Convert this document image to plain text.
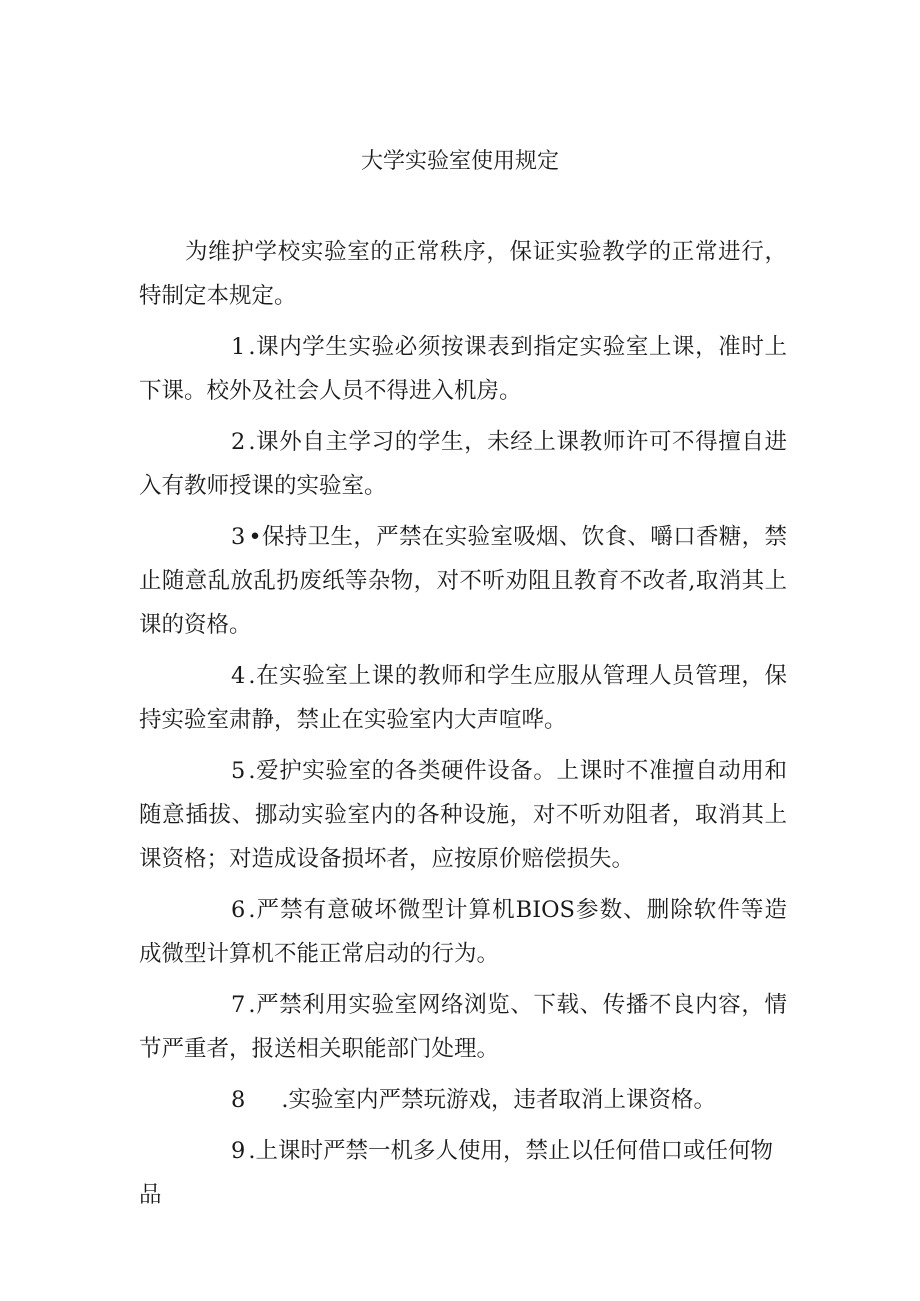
大学实验室使用规定

为维护学校实验室的正常秩序，保证实验教学的正常进行，特制定本规定。

1 .课内学生实验必须按课表到指定实验室上课，准时上下课。校外及社会人员不得进入机房。

2 .课外自主学习的学生，未经上课教师许可不得擅自进入有教师授课的实验室。

3 •保持卫生，严禁在实验室吸烟、饮食、嚼口香糖，禁止随意乱放乱扔废纸等杂物，对不听劝阻且教育不改者,取消其上课的资格。

4 .在实验室上课的教师和学生应服从管理人员管理，保持实验室肃静，禁止在实验室内大声喧哗。

5 .爱护实验室的各类硬件设备。上课时不准擅自动用和随意插拔、挪动实验室内的各种设施，对不听劝阻者，取消其上课资格；对造成设备损坏者，应按原价赔偿损失。

6 .严禁有意破坏微型计算机BIOS参数、删除软件等造成微型计算机不能正常启动的行为。

7 .严禁利用实验室网络浏览、下载、传播不良内容，情节严重者，报送相关职能部门处理。

8 .实验室内严禁玩游戏，违者取消上课资格。

9 .上课时严禁一机多人使用，禁止以任何借口或任何物品
